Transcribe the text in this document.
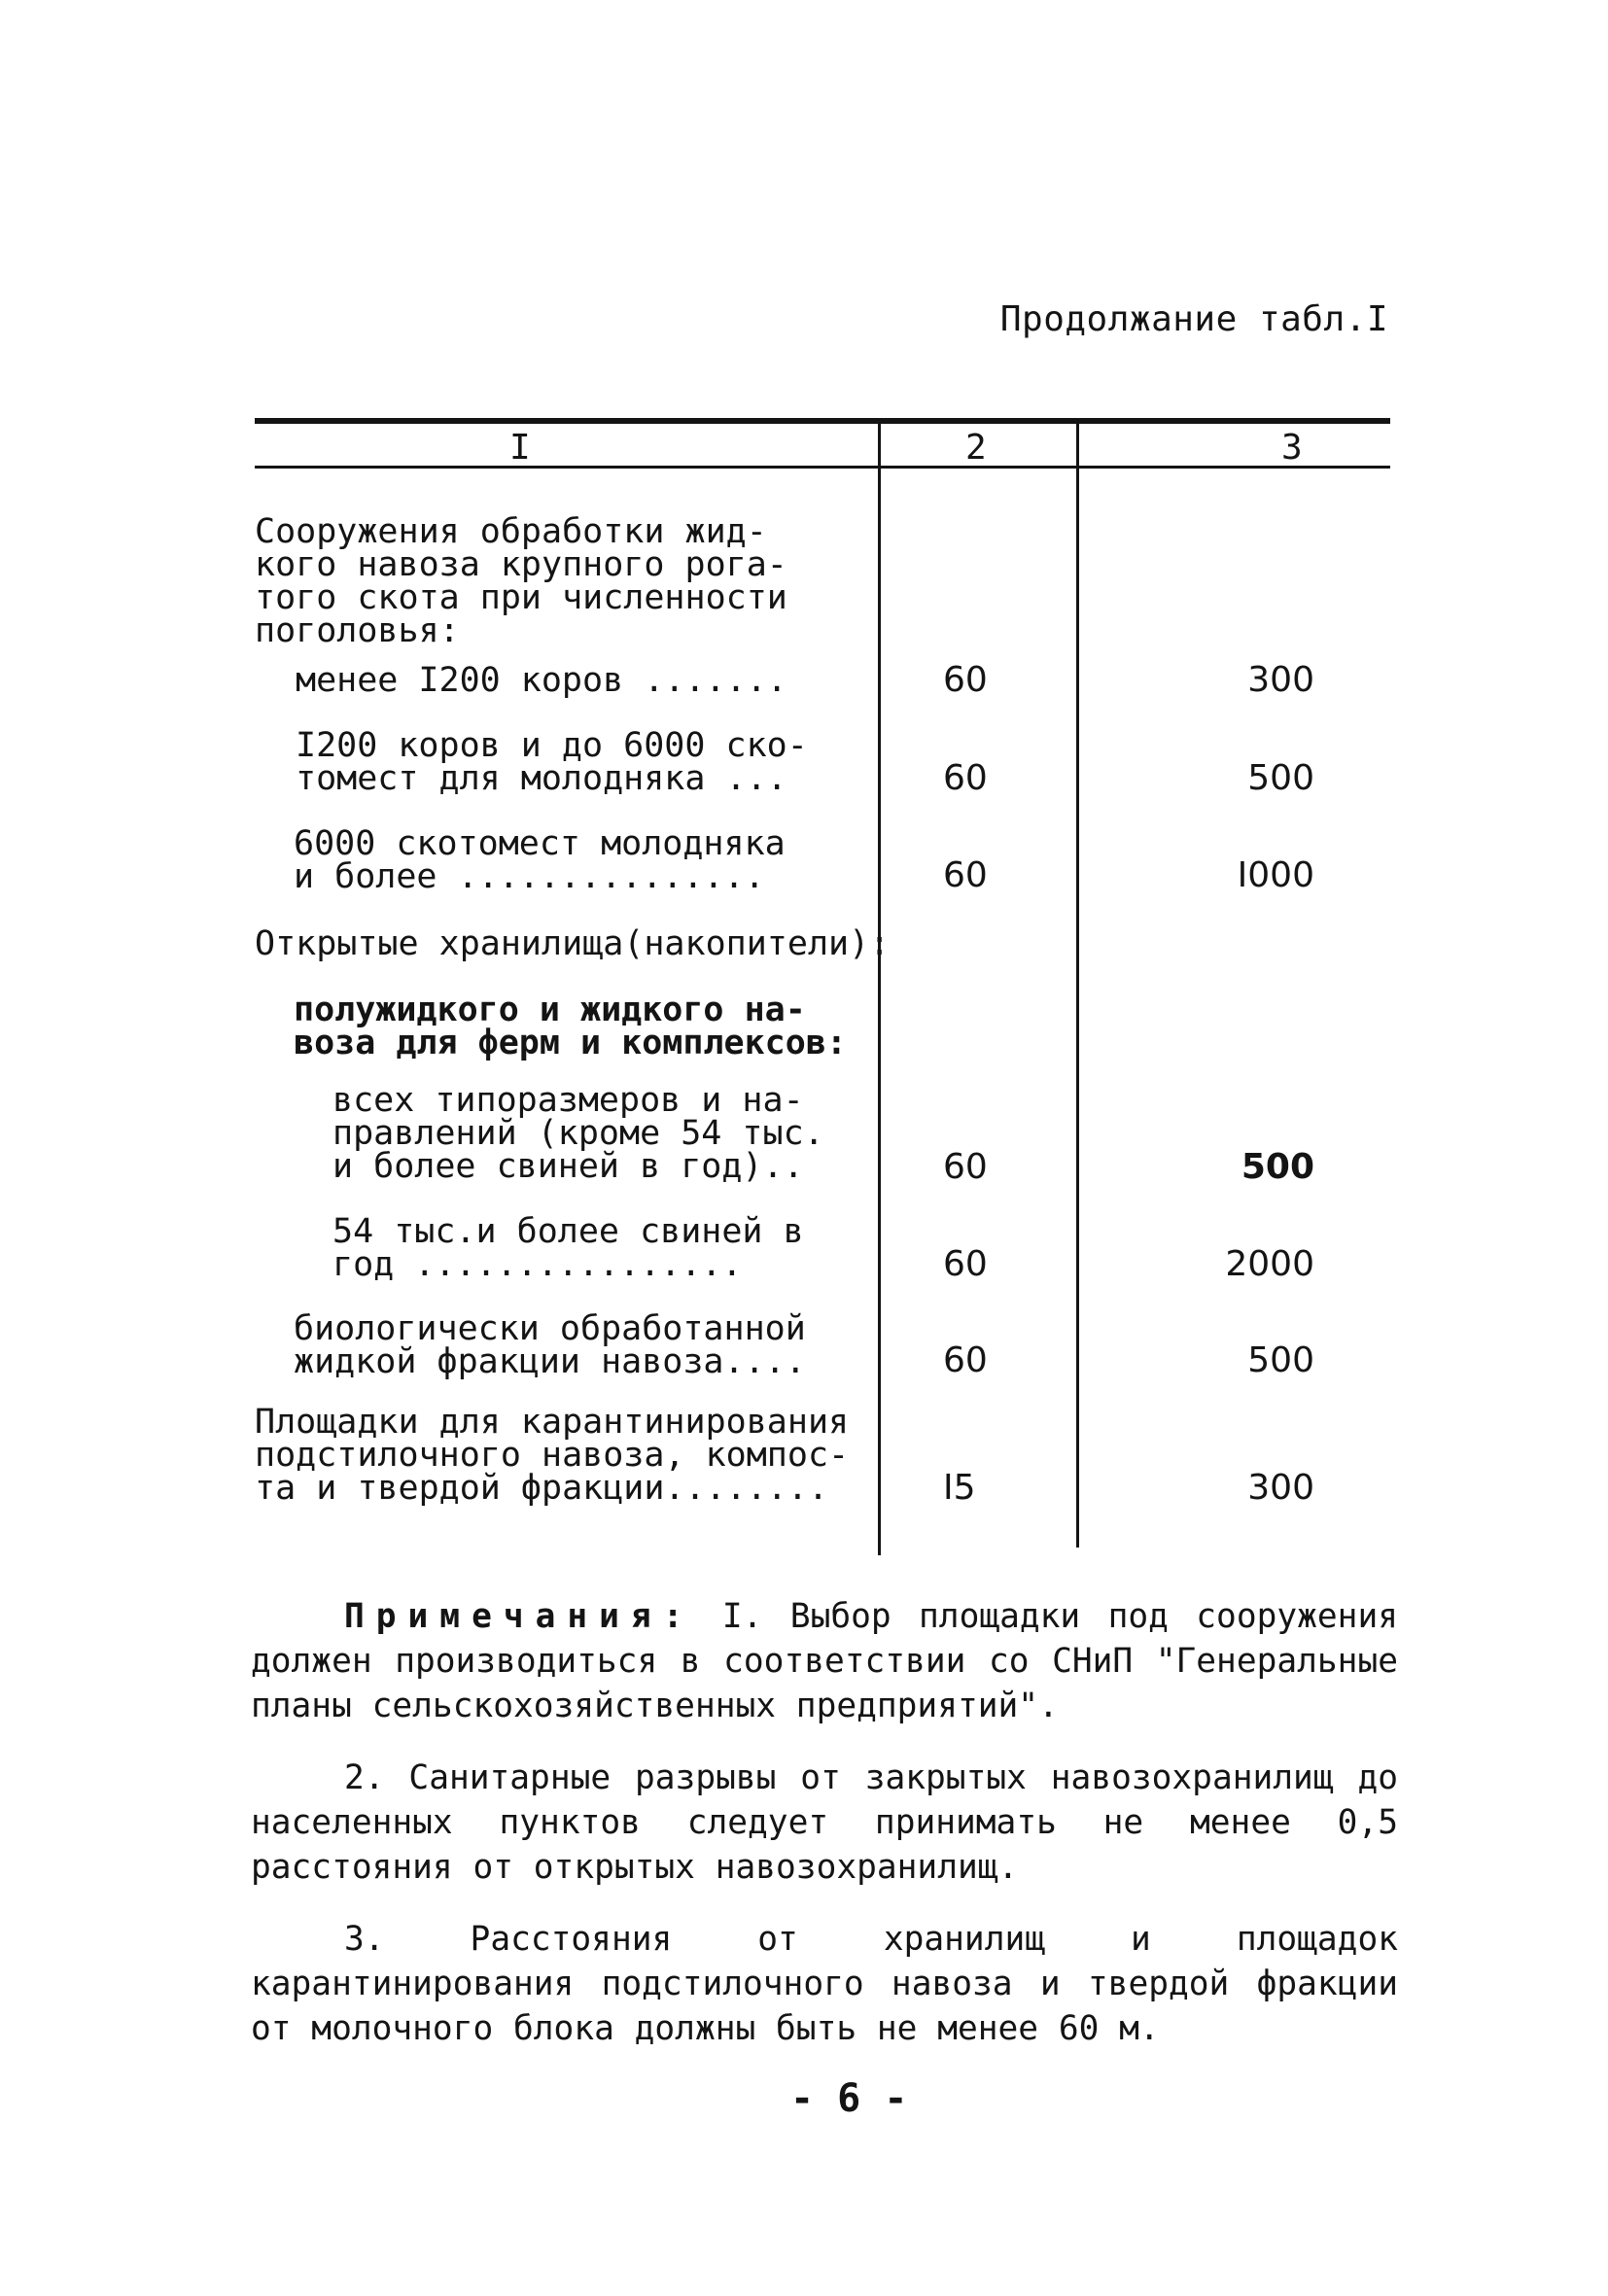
Продолжание табл.I
I	2	3
Сооружения обработки жид-
кого навоза крупного рога-
того скота при численности
поголовья:
менее I200 коров .......	60	300
I200 коров и до 6000 ско-
томест для молодняка ...	60	500
6000 скотомест молодняка
и более ...............	60	I000
Открытые хранилища(накопители):
полужидкого и жидкого на-
воза для ферм и комплексов:
всех типоразмеров и на-
правлений (кроме 54 тыс.
и более свиней в год)..	60	500
54 тыс.и более свиней в
год ................	60	2000
биологически обработанной
жидкой фракции навоза....	60	500
Площадки для карантинирования
подстилочного навоза, компос-
та и твердой фракции........	I5	300
Примечания: I. Выбор площадки под сооружения должен производиться в соответствии со СНиП "Генеральные планы сельскохозяйственных предприятий".
2. Санитарные разрывы от закрытых навозохранилищ до населенных пунктов следует принимать не менее 0,5 расстояния от открытых навозохранилищ.
3. Расстояния от хранилищ и площадок карантинирования подстилочного навоза и твердой фракции от молочного блока должны быть не менее 60 м.
- 6 -
